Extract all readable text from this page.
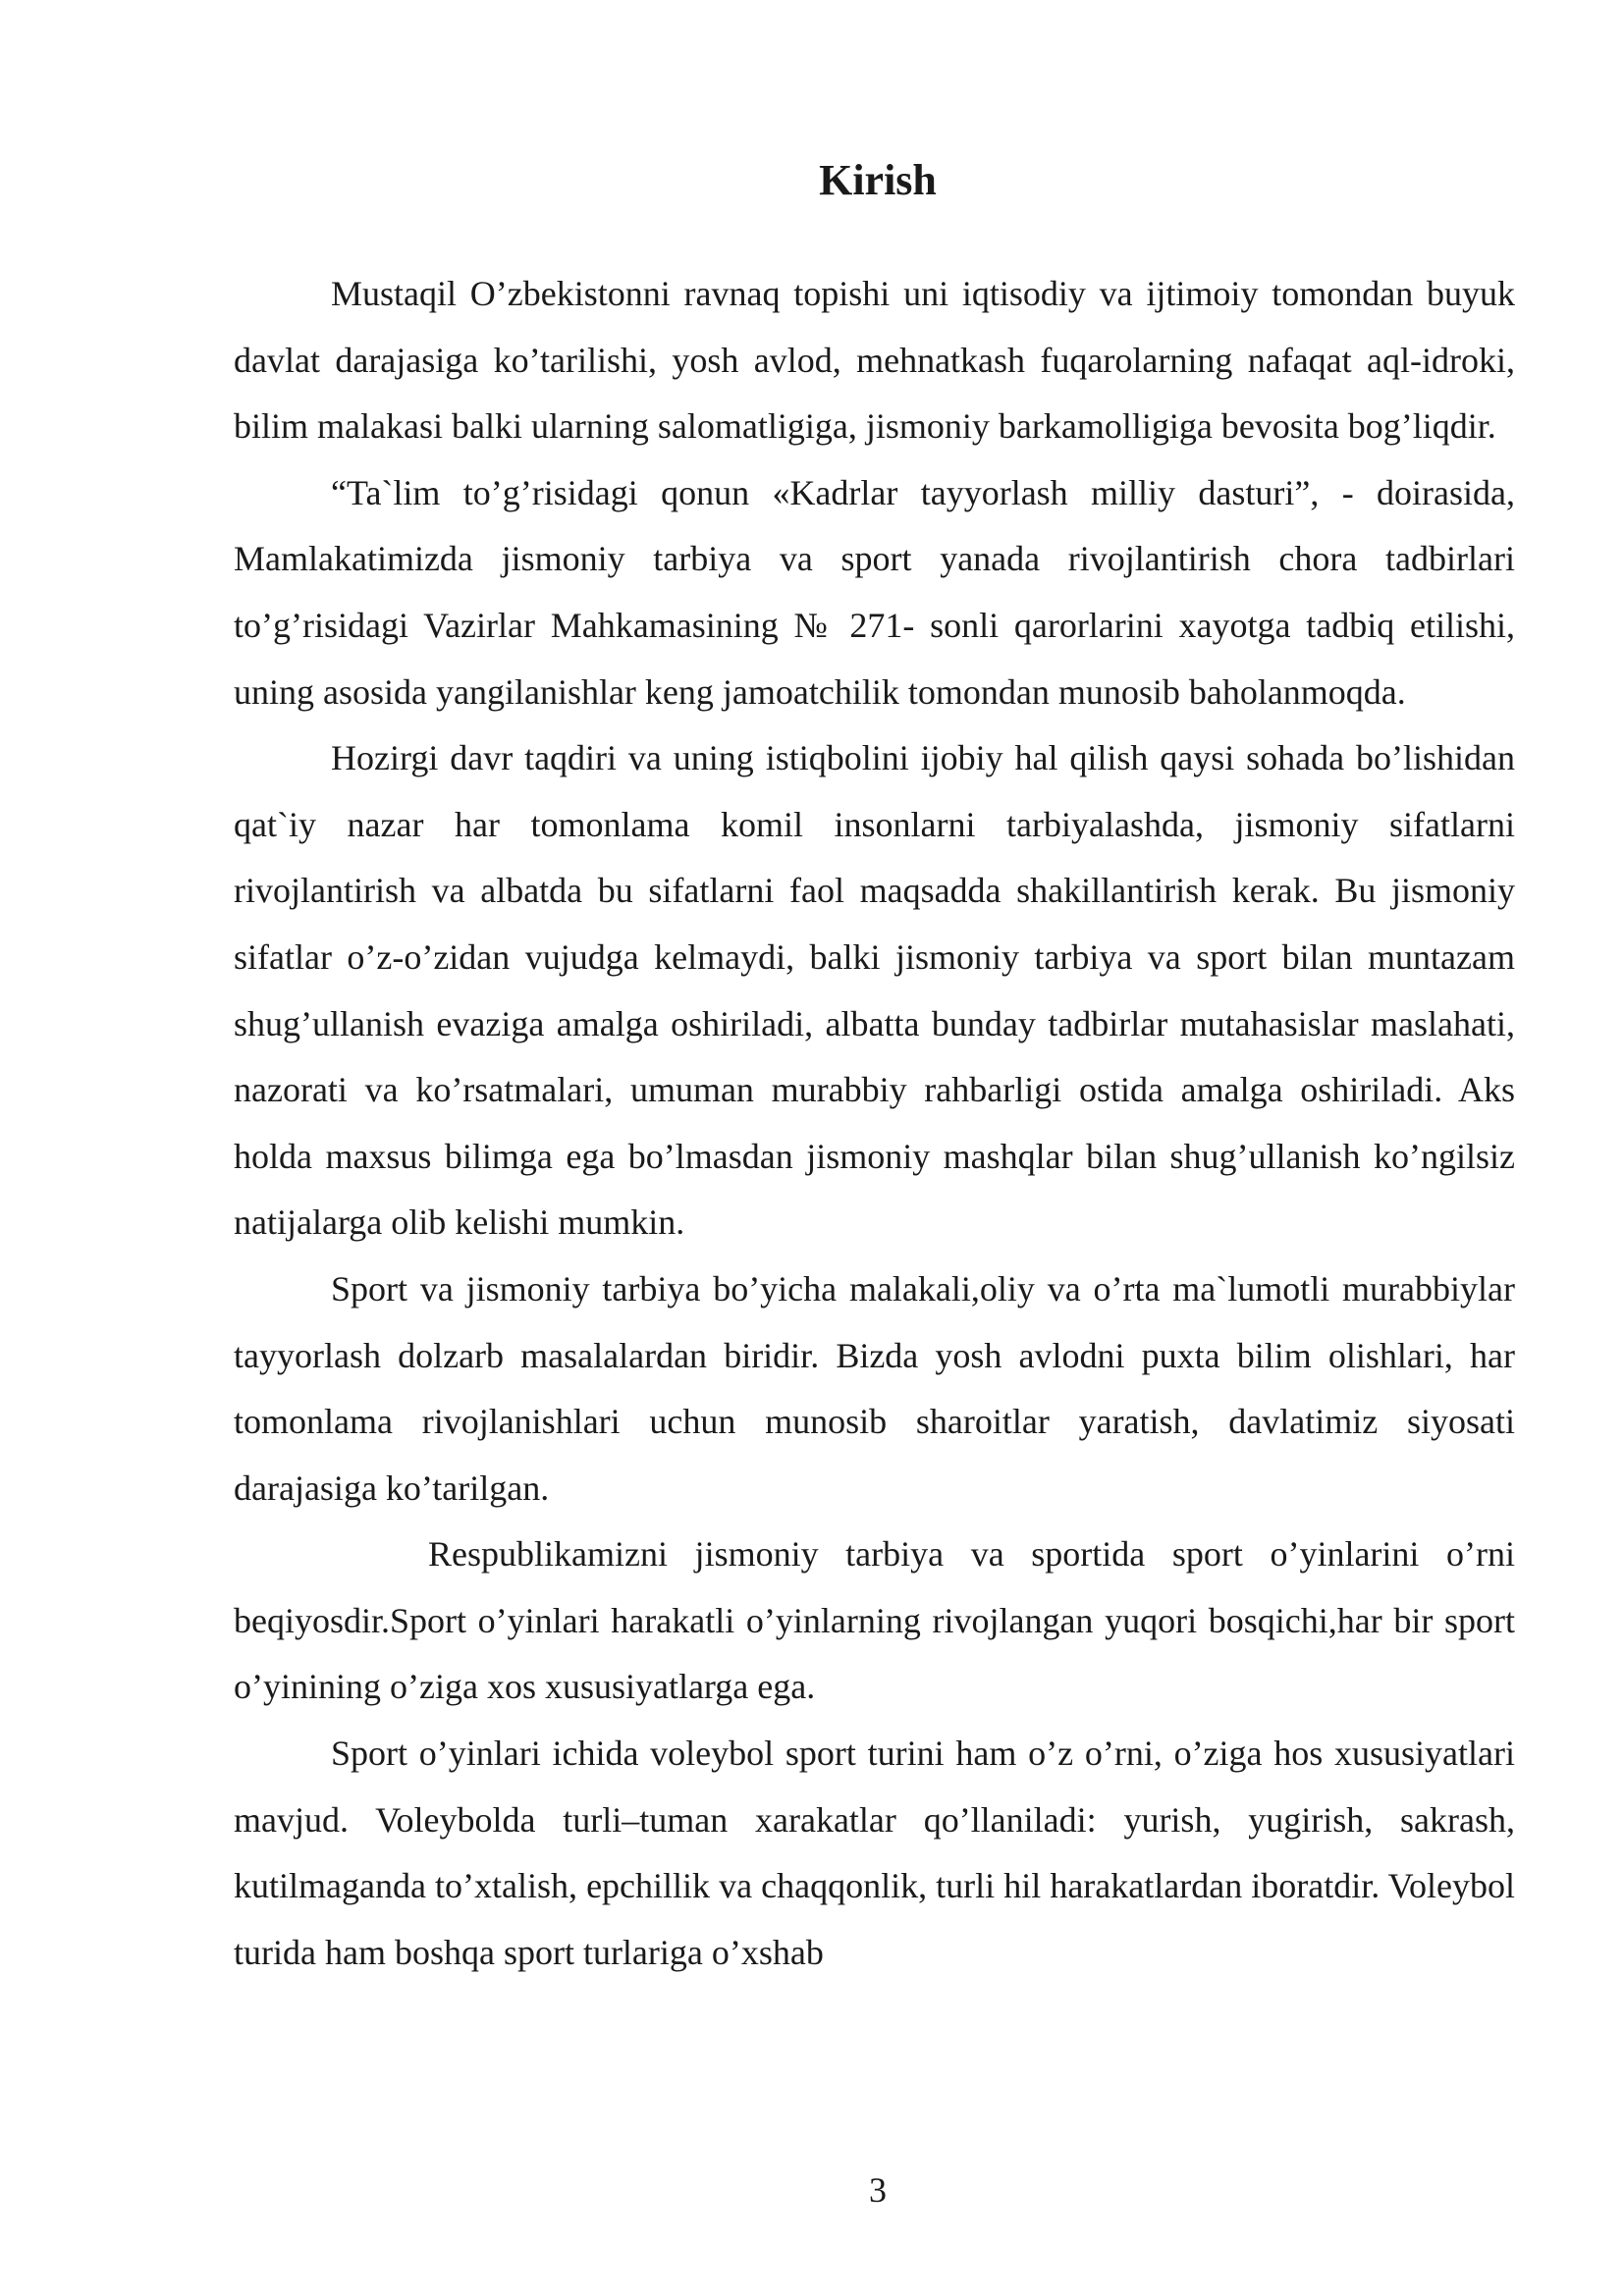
Kirish

Mustaqil O’zbekistonni ravnaq topishi uni iqtisodiy va ijtimoiy tomondan buyuk davlat darajasiga ko’tarilishi, yosh avlod, mehnatkash fuqarolarning nafaqat aql-idroki, bilim malakasi balki ularning salomatligiga, jismoniy barkamolligiga bevosita bog’liqdir.

“Ta`lim to’g’risidagi qonun «Kadrlar tayyorlash milliy dasturi”, - doirasida, Mamlakatimizda jismoniy tarbiya va sport yanada rivojlantirish chora tadbirlari to’g’risidagi Vazirlar Mahkamasining № 271- sonli qarorlarini xayotga tadbiq etilishi, uning asosida yangilanishlar keng jamoatchilik tomondan munosib baholanmoqda.

Hozirgi davr taqdiri va uning istiqbolini ijobiy hal qilish qaysi sohada bo’lishidan qat`iy nazar har tomonlama komil insonlarni tarbiyalashda, jismoniy sifatlarni rivojlantirish va albatda bu sifatlarni faol maqsadda shakillantirish kerak. Bu jismoniy sifatlar o’z-o’zidan vujudga kelmaydi, balki jismoniy tarbiya va sport bilan muntazam shug’ullanish evaziga amalga oshiriladi, albatta bunday tadbirlar mutahasislar maslahati, nazorati va ko’rsatmalari, umuman murabbiy rahbarligi ostida amalga oshiriladi. Aks holda maxsus bilimga ega bo’lmasdan jismoniy mashqlar bilan shug’ullanish ko’ngilsiz natijalarga olib kelishi mumkin.

Sport va jismoniy tarbiya bo’yicha malakali,oliy va o’rta ma`lumotli murabbiylar tayyorlash dolzarb masalalardan biridir. Bizda yosh avlodni puxta bilim olishlari, har tomonlama rivojlanishlari uchun munosib sharoitlar yaratish, davlatimiz siyosati darajasiga ko’tarilgan.

Respublikamizni jismoniy tarbiya va sportida sport o’yinlarini o’rni beqiyosdir.Sport o’yinlari harakatli o’yinlarning rivojlangan yuqori bosqichi,har bir sport o’yinining o’ziga xos xususiyatlarga ega.

Sport o’yinlari ichida voleybol sport turini ham o’z o’rni, o’ziga hos xususiyatlari mavjud. Voleybolda turli–tuman xarakatlar qo’llaniladi: yurish, yugirish, sakrash, kutilmaganda to’xtalish, epchillik va chaqqonlik, turli hil harakatlardan iboratdir. Voleybol turida ham boshqa sport turlariga o’xshab

3
